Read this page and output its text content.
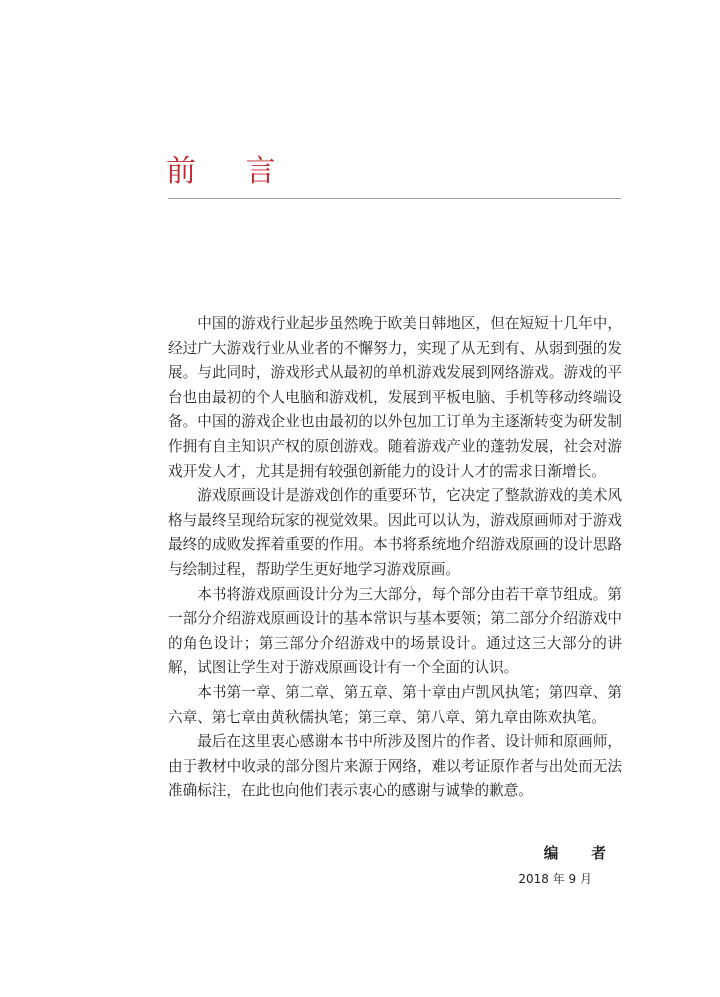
前 言

中国的游戏行业起步虽然晚于欧美日韩地区，但在短短十几年中，经过广大游戏行业从业者的不懈努力，实现了从无到有、从弱到强的发展。与此同时，游戏形式从最初的单机游戏发展到网络游戏。游戏的平台也由最初的个人电脑和游戏机，发展到平板电脑、手机等移动终端设备。中国的游戏企业也由最初的以外包加工订单为主逐渐转变为研发制作拥有自主知识产权的原创游戏。随着游戏产业的蓬勃发展，社会对游戏开发人才，尤其是拥有较强创新能力的设计人才的需求日渐增长。

游戏原画设计是游戏创作的重要环节，它决定了整款游戏的美术风格与最终呈现给玩家的视觉效果。因此可以认为，游戏原画师对于游戏最终的成败发挥着重要的作用。本书将系统地介绍游戏原画的设计思路与绘制过程，帮助学生更好地学习游戏原画。

本书将游戏原画设计分为三大部分，每个部分由若干章节组成。第一部分介绍游戏原画设计的基本常识与基本要领；第二部分介绍游戏中的角色设计；第三部分介绍游戏中的场景设计。通过这三大部分的讲解，试图让学生对于游戏原画设计有一个全面的认识。

本书第一章、第二章、第五章、第十章由卢凯风执笔；第四章、第六章、第七章由黄秋儒执笔；第三章、第八章、第九章由陈欢执笔。

最后在这里衷心感谢本书中所涉及图片的作者、设计师和原画师，由于教材中收录的部分图片来源于网络，难以考证原作者与出处而无法准确标注，在此也向他们表示衷心的感谢与诚挚的歉意。

编 者
2018 年 9 月
